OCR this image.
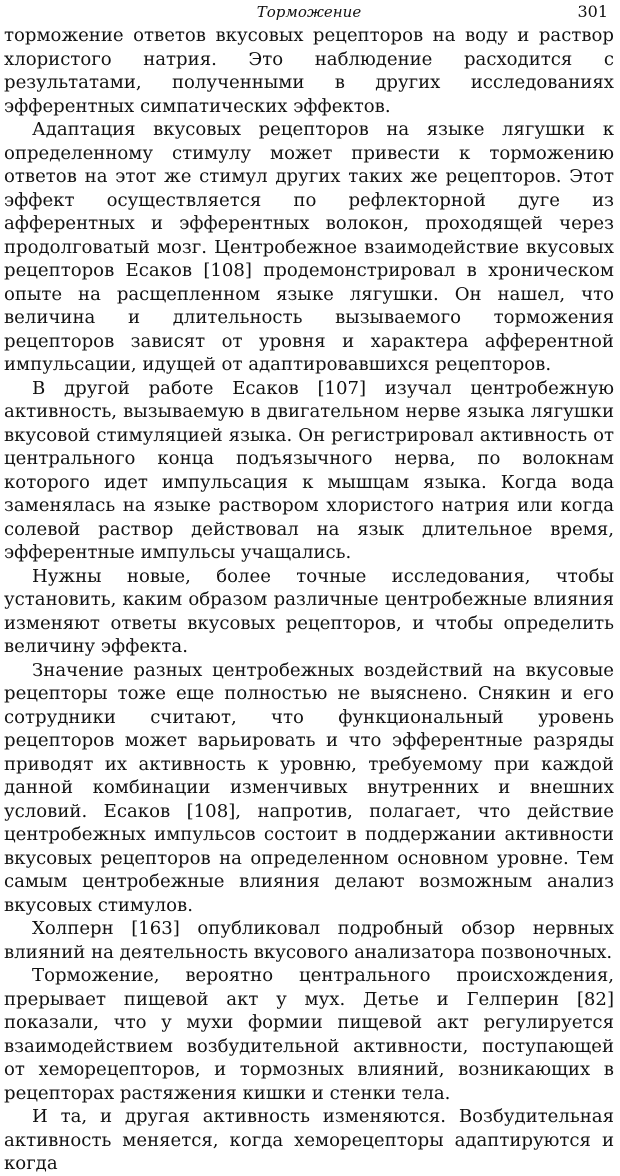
Торможение	301

торможение ответов вкусовых рецепторов на воду и раствор хлористого натрия. Это наблюдение расходится с результатами, полученными в других исследованиях эфферентных симпатических эффектов.

Адаптация вкусовых рецепторов на языке лягушки к определенному стимулу может привести к торможению ответов на этот же стимул других таких же рецепторов. Этот эффект осуществляется по рефлекторной дуге из афферентных и эфферентных волокон, проходящей через продолговатый мозг. Центробежное взаимодействие вкусовых рецепторов Есаков [108] продемонстрировал в хроническом опыте на расщепленном языке лягушки. Он нашел, что величина и длительность вызываемого торможения рецепторов зависят от уровня и характера афферентной импульсации, идущей от адаптировавшихся рецепторов.

В другой работе Есаков [107] изучал центробежную активность, вызываемую в двигательном нерве языка лягушки вкусовой стимуляцией языка. Он регистрировал активность от центрального конца подъязычного нерва, по волокнам которого идет импульсация к мышцам языка. Когда вода заменялась на языке раствором хлористого натрия или когда солевой раствор действовал на язык длительное время, эфферентные импульсы учащались.

Нужны новые, более точные исследования, чтобы установить, каким образом различные центробежные влияния изменяют ответы вкусовых рецепторов, и чтобы определить величину эффекта.

Значение разных центробежных воздействий на вкусовые рецепторы тоже еще полностью не выяснено. Снякин и его сотрудники считают, что функциональный уровень рецепторов может варьировать и что эфферентные разряды приводят их активность к уровню, требуемому при каждой данной комбинации изменчивых внутренних и внешних условий. Есаков [108], напротив, полагает, что действие центробежных импульсов состоит в поддержании активности вкусовых рецепторов на определенном основном уровне. Тем самым центробежные влияния делают возможным анализ вкусовых стимулов.

Холперн [163] опубликовал подробный обзор нервных влияний на деятельность вкусового анализатора позвоночных.

Торможение, вероятно центрального происхождения, прерывает пищевой акт у мух. Детье и Гелперин [82] показали, что у мухи формии пищевой акт регулируется взаимодействием возбудительной активности, поступающей от хеморецепторов, и тормозных влияний, возникающих в рецепторах растяжения кишки и стенки тела.

И та, и другая активность изменяются. Возбудительная активность меняется, когда хеморецепторы адаптируются и когда
